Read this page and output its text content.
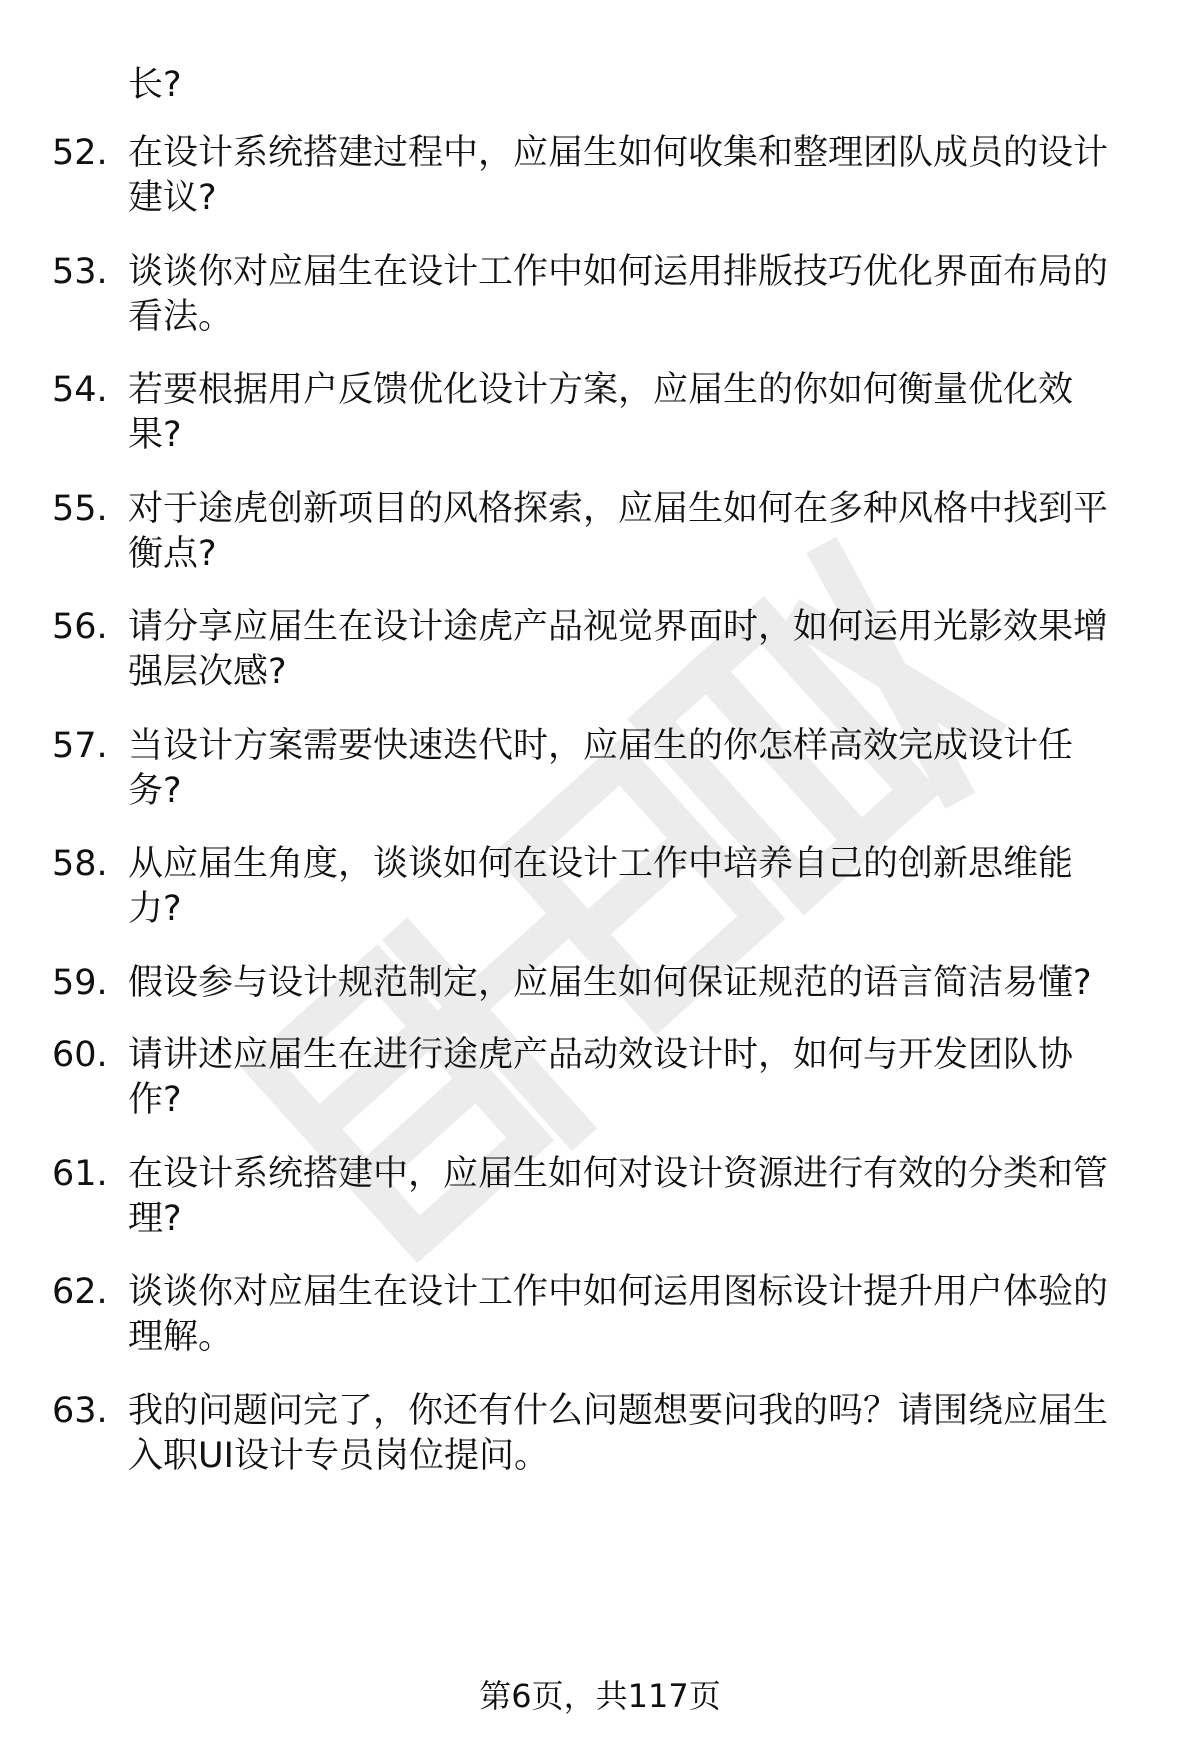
长?
52. 在设计系统搭建过程中，应届生如何收集和整理团队成员的设计
建议?
53. 谈谈你对应届生在设计工作中如何运用排版技巧优化界面布局的
看法。
54. 若要根据用户反馈优化设计方案，应届生的你如何衡量优化效
果?
55. 对于途虎创新项目的风格探索，应届生如何在多种风格中找到平
衡点?
56. 请分享应届生在设计途虎产品视觉界面时，如何运用光影效果增
强层次感?
57. 当设计方案需要快速迭代时，应届生的你怎样高效完成设计任
务?
58. 从应届生角度，谈谈如何在设计工作中培养自己的创新思维能
力?
59. 假设参与设计规范制定，应届生如何保证规范的语言简洁易懂?
60. 请讲述应届生在进行途虎产品动效设计时，如何与开发团队协
作?
61. 在设计系统搭建中，应届生如何对设计资源进行有效的分类和管
理?
62. 谈谈你对应届生在设计工作中如何运用图标设计提升用户体验的
理解。
63. 我的问题问完了，你还有什么问题想要问我的吗？请围绕应届生
入职UI设计专员岗位提问。
第6页，共117页
